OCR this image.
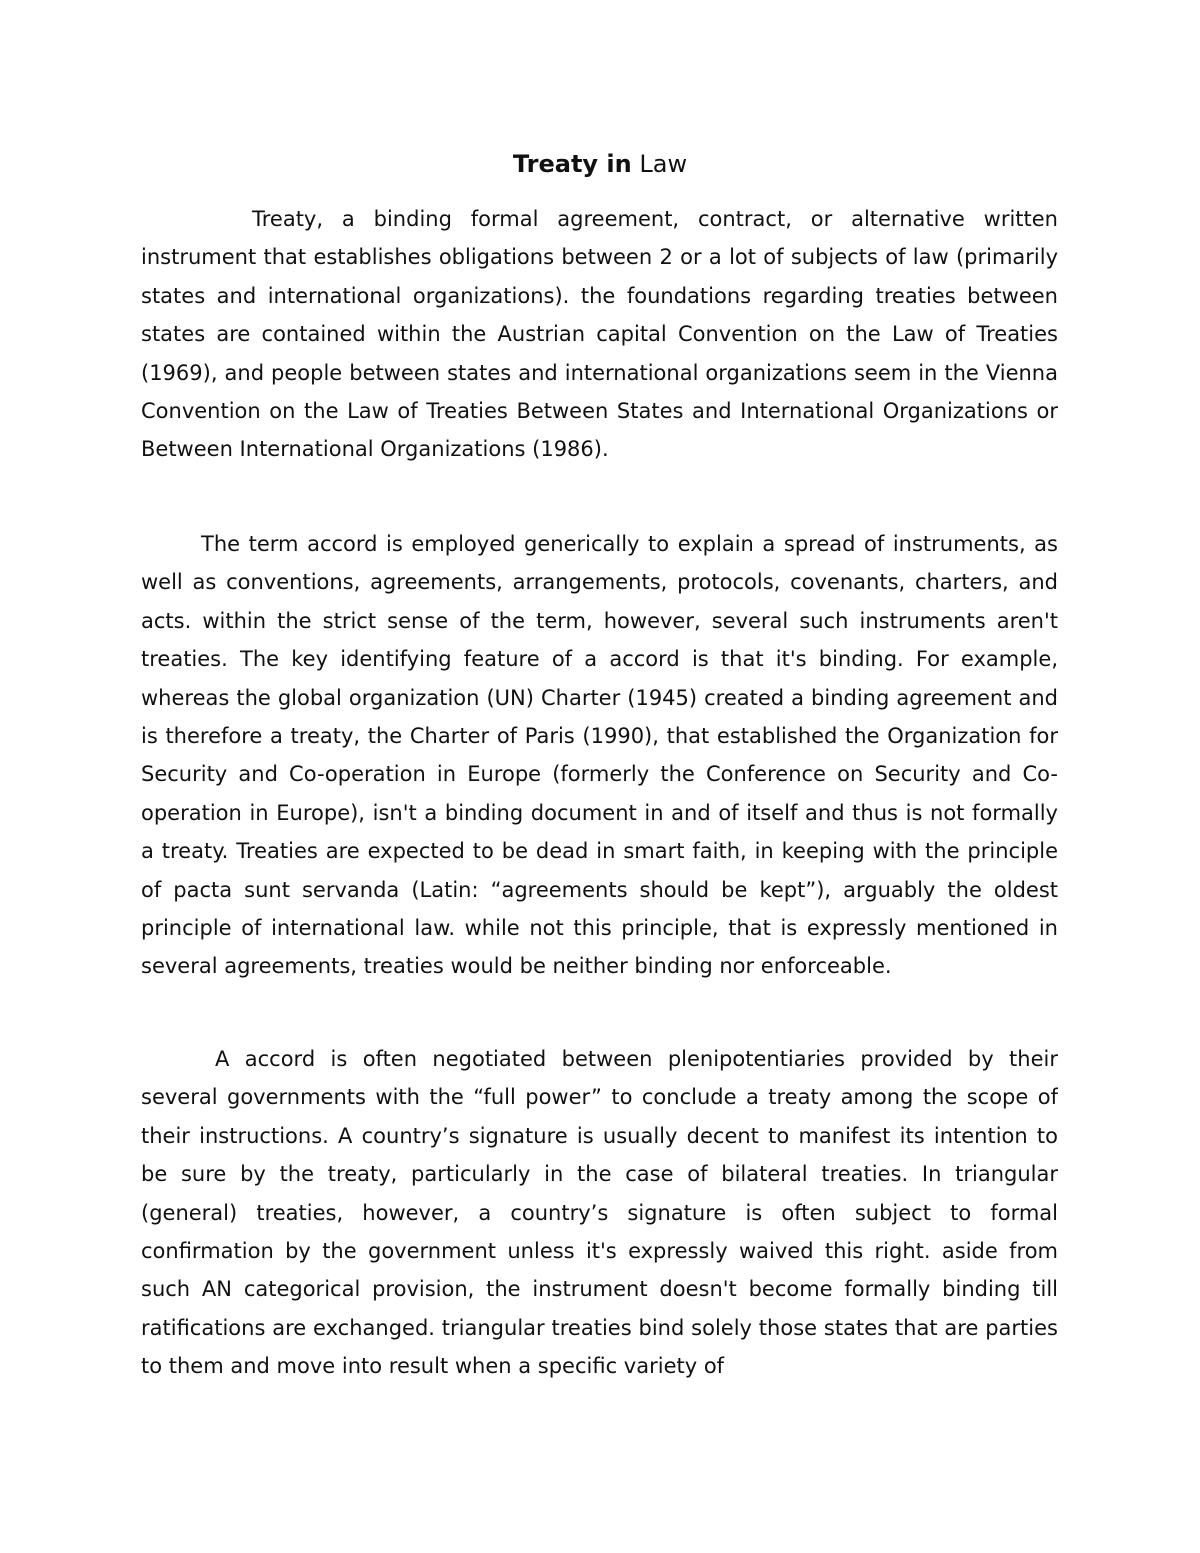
Treaty in Law

Treaty, a binding formal agreement, contract, or alternative written instrument that establishes obligations between 2 or a lot of subjects of law (primarily states and international organizations). the foundations regarding treaties between states are contained within the Austrian capital Convention on the Law of Treaties (1969), and people between states and international organizations seem in the Vienna Convention on the Law of Treaties Between States and International Organizations or Between International Organizations (1986).

The term accord is employed generically to explain a spread of instruments, as well as conventions, agreements, arrangements, protocols, covenants, charters, and acts. within the strict sense of the term, however, several such instruments aren't treaties. The key identifying feature of a accord is that it's binding. For example, whereas the global organization (UN) Charter (1945) created a binding agreement and is therefore a treaty, the Charter of Paris (1990), that established the Organization for Security and Co-operation in Europe (formerly the Conference on Security and Co-operation in Europe), isn't a binding document in and of itself and thus is not formally a treaty. Treaties are expected to be dead in smart faith, in keeping with the principle of pacta sunt servanda (Latin: “agreements should be kept”), arguably the oldest principle of international law. while not this principle, that is expressly mentioned in several agreements, treaties would be neither binding nor enforceable.

A accord is often negotiated between plenipotentiaries provided by their several governments with the “full power” to conclude a treaty among the scope of their instructions. A country’s signature is usually decent to manifest its intention to be sure by the treaty, particularly in the case of bilateral treaties. In triangular (general) treaties, however, a country’s signature is often subject to formal confirmation by the government unless it's expressly waived this right. aside from such AN categorical provision, the instrument doesn't become formally binding till ratifications are exchanged. triangular treaties bind solely those states that are parties to them and move into result when a specific variety of
